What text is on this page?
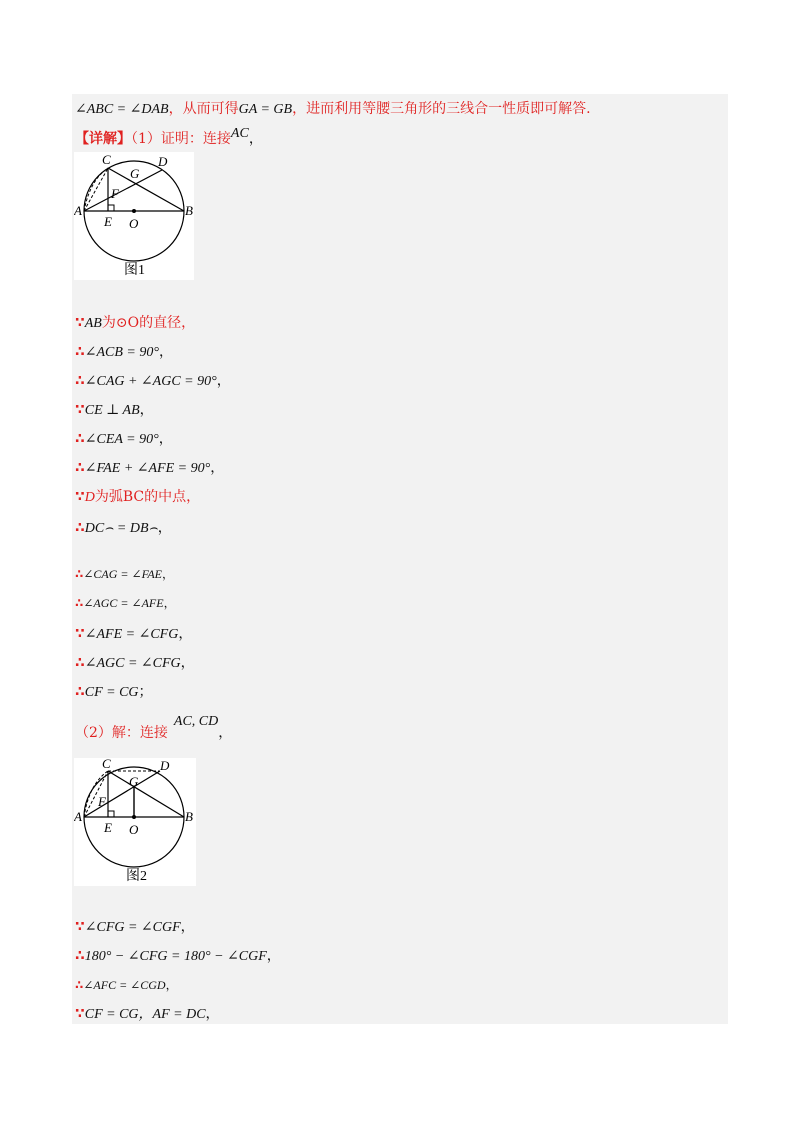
∠ABC = ∠DAB，从而可得GA = GB，进而利用等腰三角形的三线合一性质即可解答.
【详解】（1）证明：连接AC，
C	D
G
F
A
E O
B
图1
∵AB为⊙O的直径，
∴∠ACB = 90°，
∴∠CAG + ∠AGC = 90°，
∵CE ⊥ AB，
∴∠CEA = 90°，
∴∠FAE + ∠AFE = 90°，
∵D为弧BC的中点，
∴DC⌢ = DB⌢，
∴∠CAG = ∠FAE，
∴∠AGC = ∠AFE，
∵∠AFE = ∠CFG，
∴∠AGC = ∠CFG，
∴CF = CG；
（2）解：连接AC, CD，
C	D
G
F
A
E O
B
图2
∵∠CFG = ∠CGF，
∴180° − ∠CFG = 180° − ∠CGF，
∴∠AFC = ∠CGD，
∵CF = CG，AF = DC，
